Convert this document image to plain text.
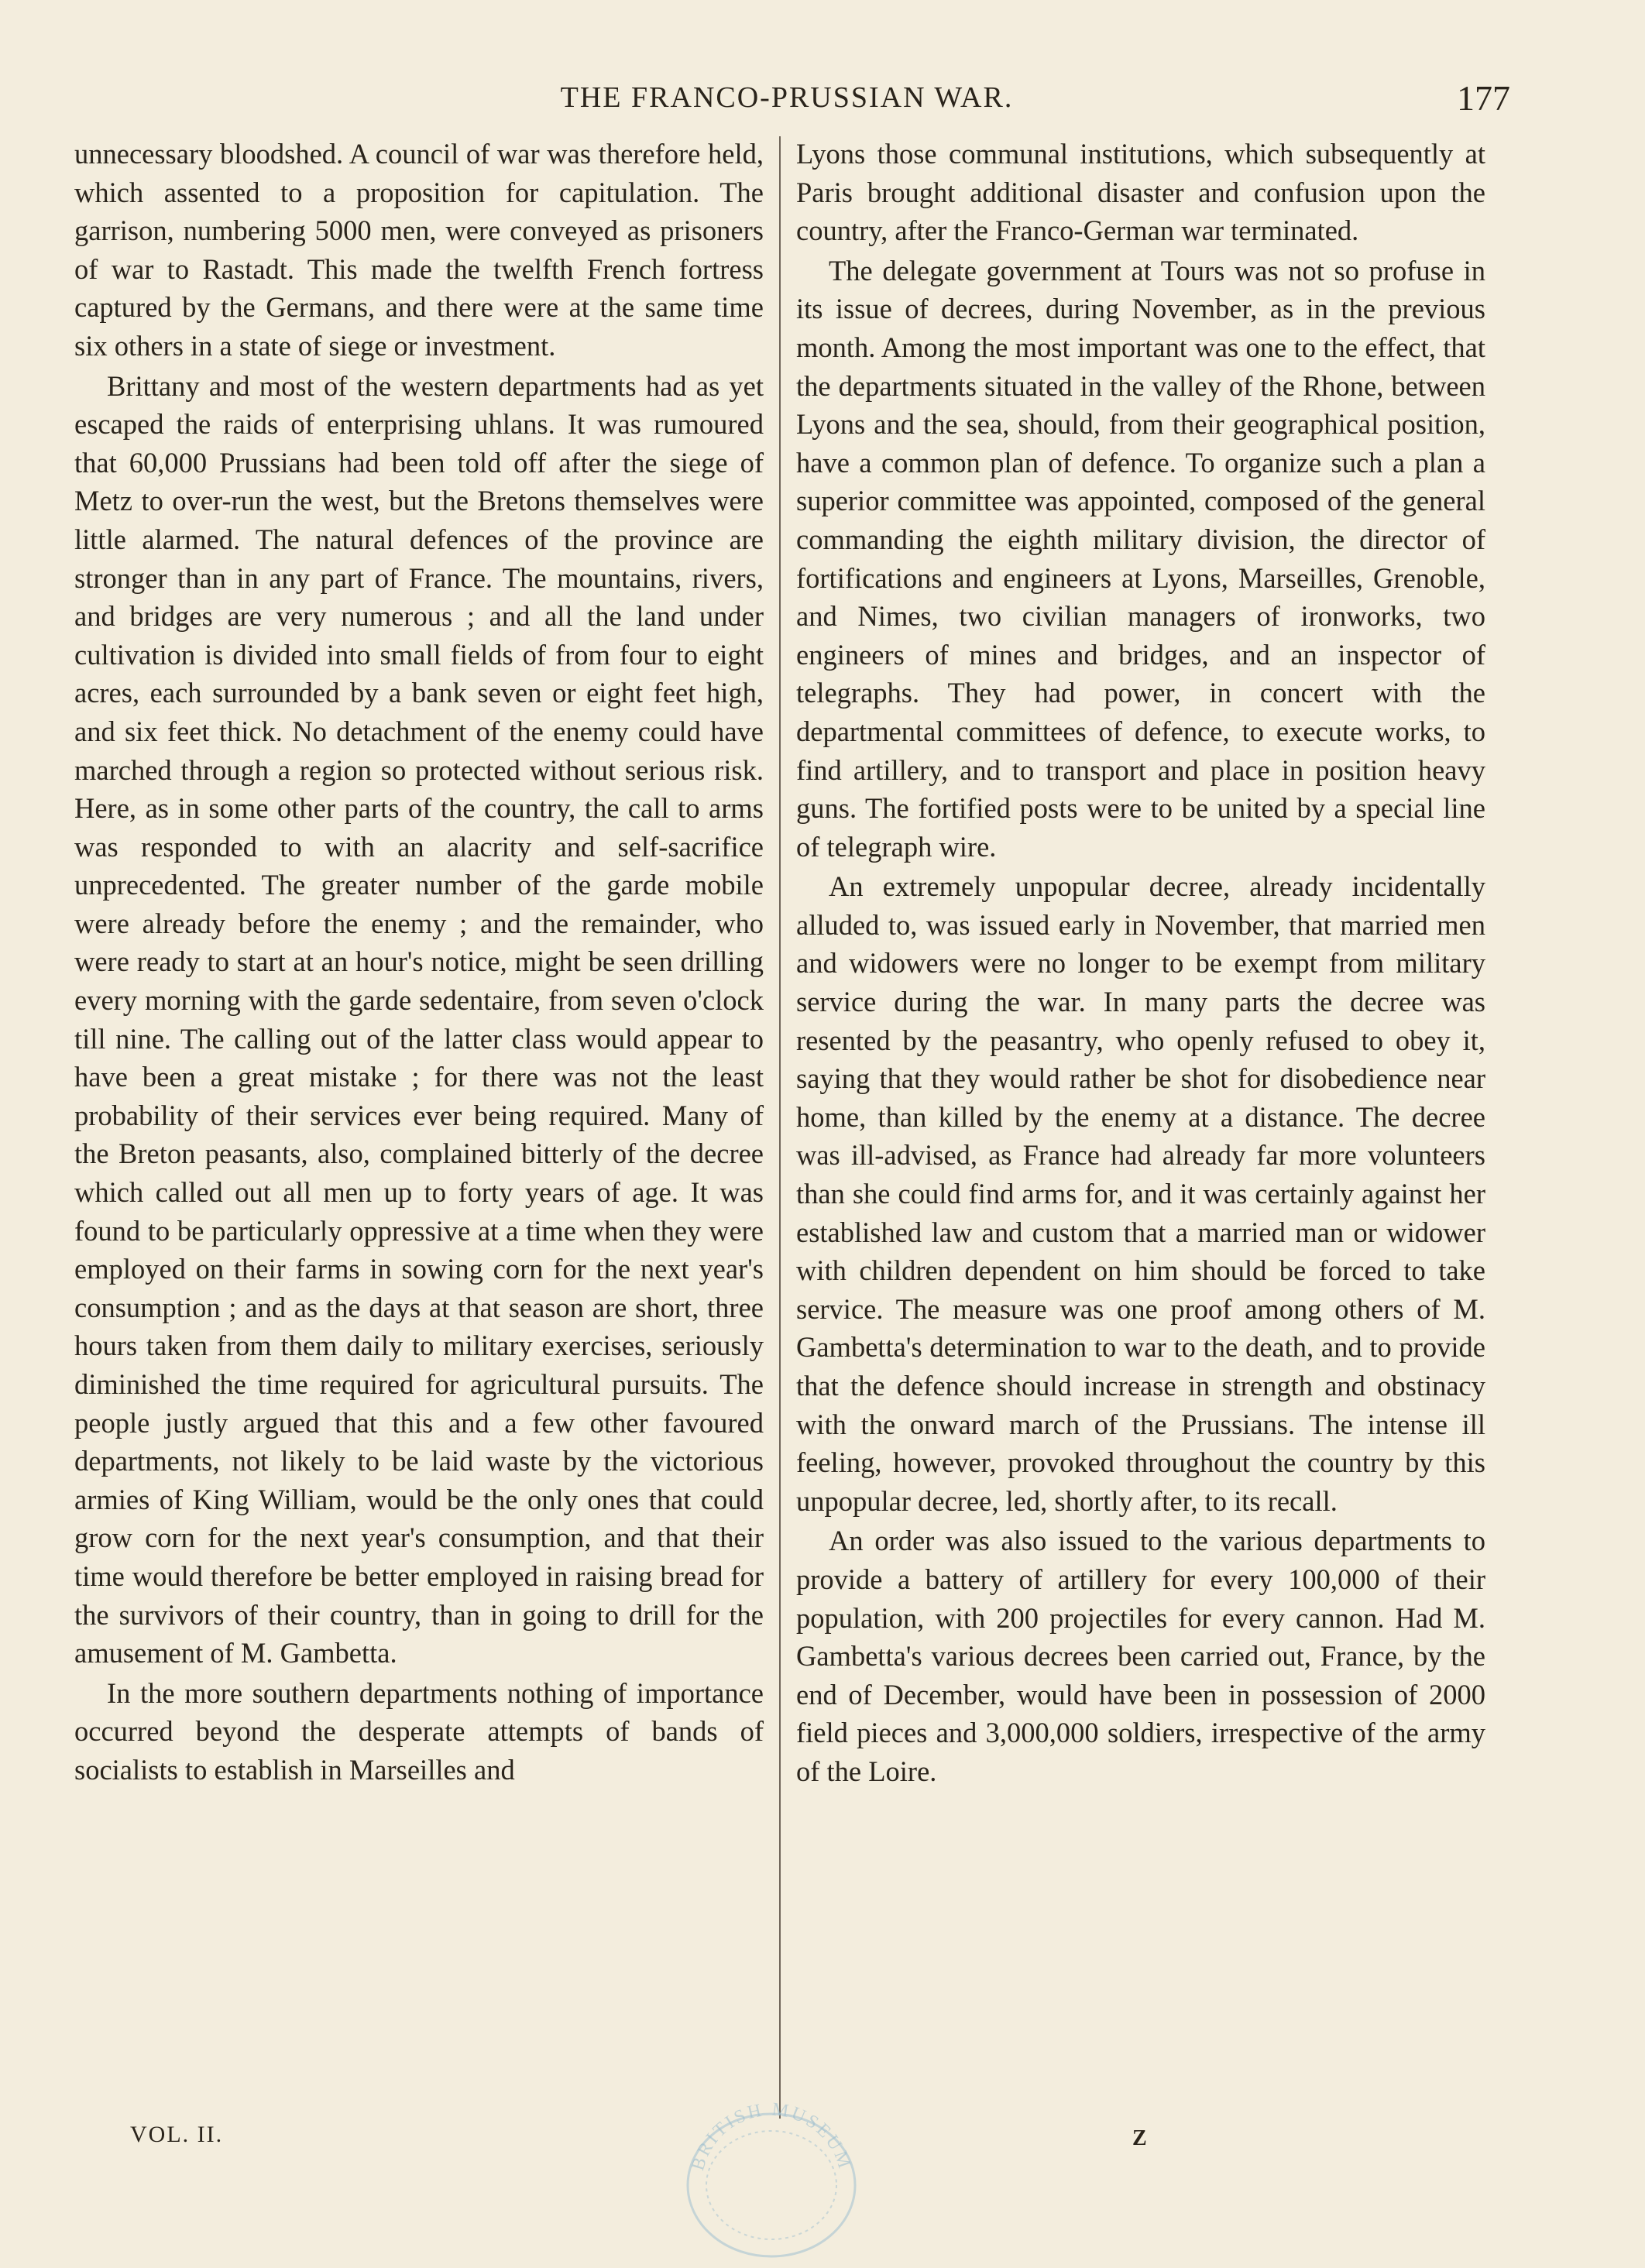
THE FRANCO-PRUSSIAN WAR.	177

unnecessary bloodshed. A council of war was therefore held, which assented to a proposition for capitulation. The garrison, numbering 5000 men, were conveyed as prisoners of war to Rastadt. This made the twelfth French fortress captured by the Germans, and there were at the same time six others in a state of siege or investment.

Brittany and most of the western departments had as yet escaped the raids of enterprising uhlans. It was rumoured that 60,000 Prussians had been told off after the siege of Metz to over-run the west, but the Bretons themselves were little alarmed. The natural defences of the province are stronger than in any part of France. The mountains, rivers, and bridges are very numerous ; and all the land under cultivation is divided into small fields of from four to eight acres, each surrounded by a bank seven or eight feet high, and six feet thick. No detachment of the enemy could have marched through a region so protected without serious risk. Here, as in some other parts of the country, the call to arms was responded to with an alacrity and self-sacrifice unprecedented. The greater number of the garde mobile were already before the enemy ; and the remainder, who were ready to start at an hour's notice, might be seen drilling every morning with the garde sedentaire, from seven o'clock till nine. The calling out of the latter class would appear to have been a great mistake ; for there was not the least probability of their services ever being required. Many of the Breton peasants, also, complained bitterly of the decree which called out all men up to forty years of age. It was found to be particularly oppressive at a time when they were employed on their farms in sowing corn for the next year's consumption ; and as the days at that season are short, three hours taken from them daily to military exercises, seriously diminished the time required for agricultural pursuits. The people justly argued that this and a few other favoured departments, not likely to be laid waste by the victorious armies of King William, would be the only ones that could grow corn for the next year's consumption, and that their time would therefore be better employed in raising bread for the survivors of their country, than in going to drill for the amusement of M. Gambetta.

In the more southern departments nothing of importance occurred beyond the desperate attempts of bands of socialists to establish in Marseilles and

Lyons those communal institutions, which subsequently at Paris brought additional disaster and confusion upon the country, after the Franco-German war terminated.

The delegate government at Tours was not so profuse in its issue of decrees, during November, as in the previous month. Among the most important was one to the effect, that the departments situated in the valley of the Rhone, between Lyons and the sea, should, from their geographical position, have a common plan of defence. To organize such a plan a superior committee was appointed, composed of the general commanding the eighth military division, the director of fortifications and engineers at Lyons, Marseilles, Grenoble, and Nimes, two civilian managers of ironworks, two engineers of mines and bridges, and an inspector of telegraphs. They had power, in concert with the departmental committees of defence, to execute works, to find artillery, and to transport and place in position heavy guns. The fortified posts were to be united by a special line of telegraph wire.

An extremely unpopular decree, already incidentally alluded to, was issued early in November, that married men and widowers were no longer to be exempt from military service during the war. In many parts the decree was resented by the peasantry, who openly refused to obey it, saying that they would rather be shot for disobedience near home, than killed by the enemy at a distance. The decree was ill-advised, as France had already far more volunteers than she could find arms for, and it was certainly against her established law and custom that a married man or widower with children dependent on him should be forced to take service. The measure was one proof among others of M. Gambetta's determination to war to the death, and to provide that the defence should increase in strength and obstinacy with the onward march of the Prussians. The intense ill feeling, however, provoked throughout the country by this unpopular decree, led, shortly after, to its recall.

An order was also issued to the various departments to provide a battery of artillery for every 100,000 of their population, with 200 projectiles for every cannon. Had M. Gambetta's various decrees been carried out, France, by the end of December, would have been in possession of 2000 field pieces and 3,000,000 soldiers, irrespective of the army of the Loire.

VOL. II.	Z
BRITISH MUSEUM
